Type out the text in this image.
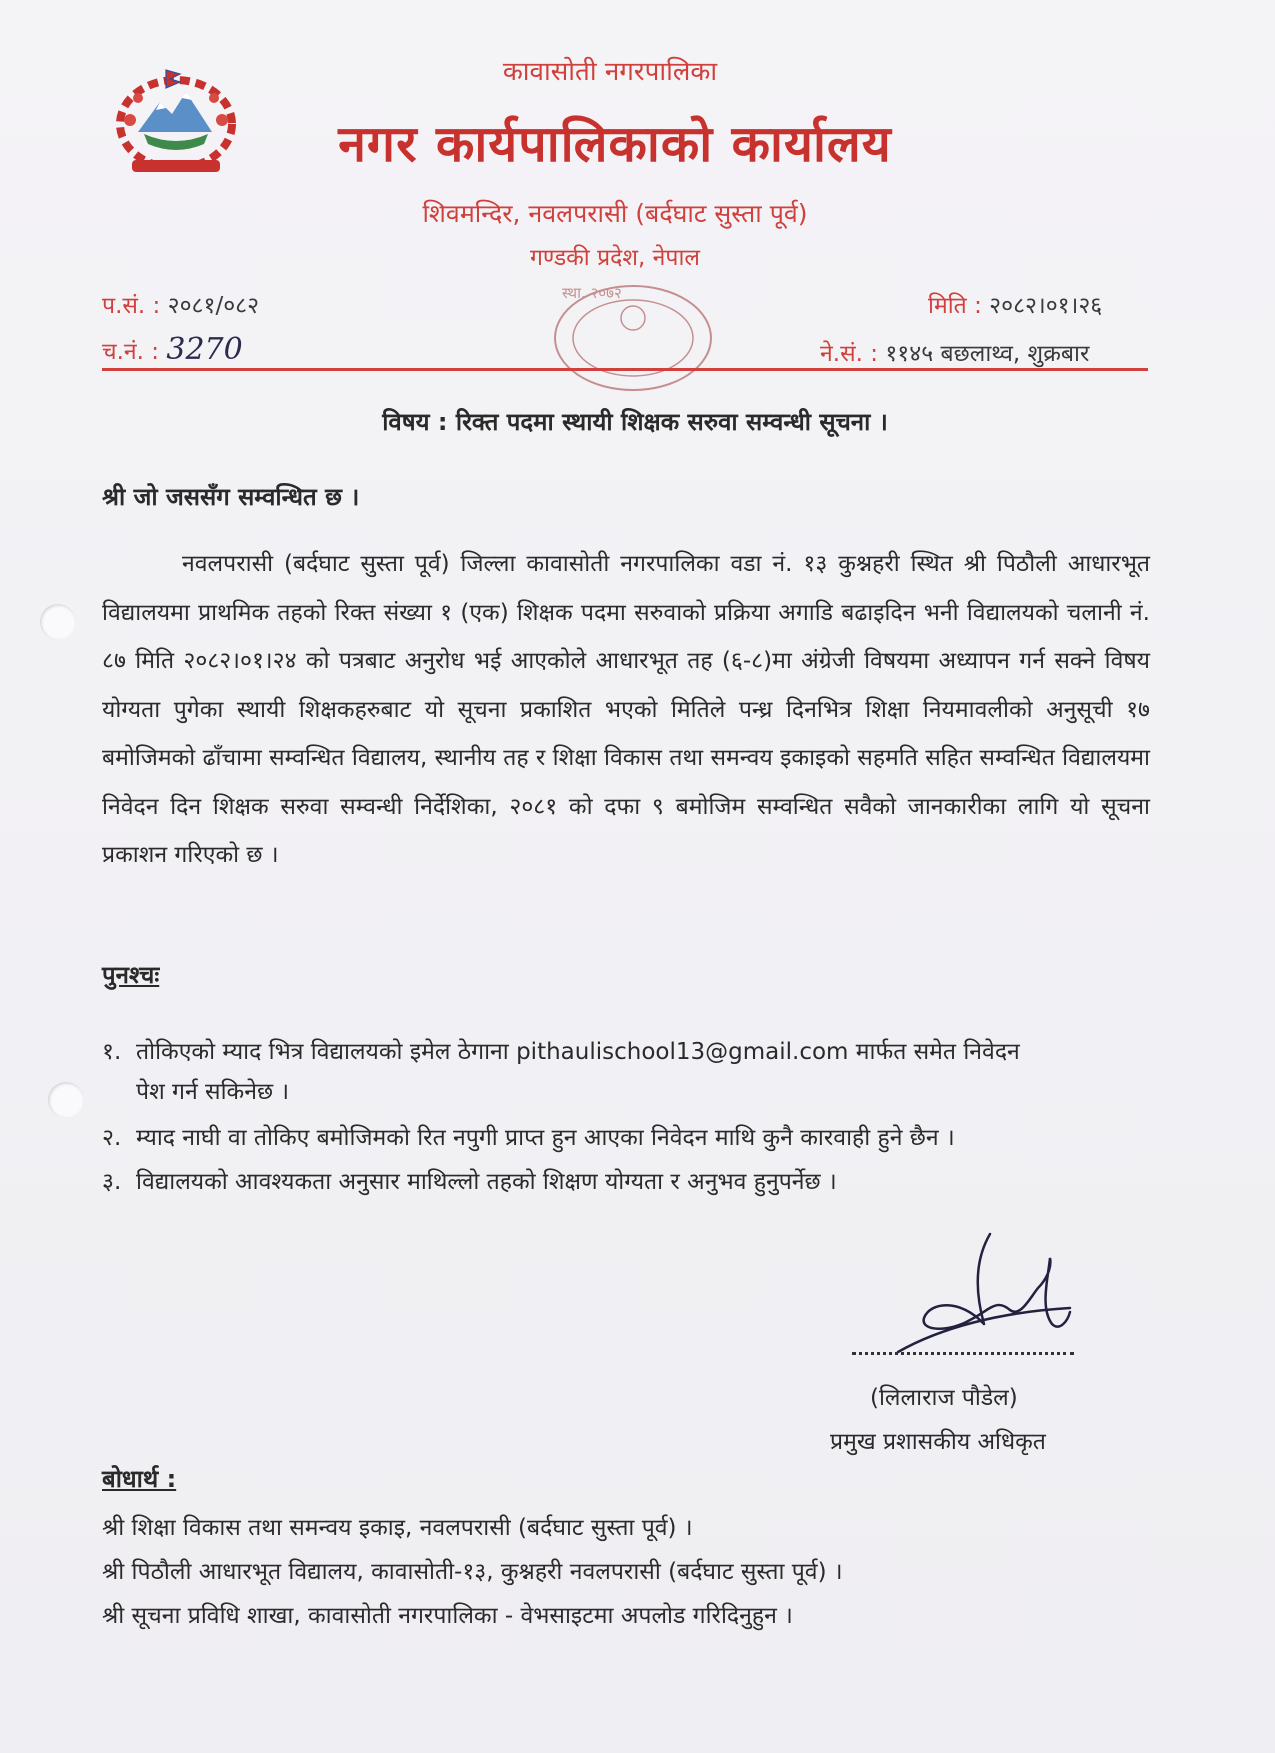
कावासोती नगरपालिका
नगर कार्यपालिकाको कार्यालय
शिवमन्दिर, नवलपरासी (बर्दघाट सुस्ता पूर्व)
गण्डकी प्रदेश, नेपाल
प.सं. : २०८१/०८२
च.नं. : 3270
मिति : २०८२।०१।२६
ने.सं. : ११४५ बछलाथ्व, शुक्रबार
स्था. २०७२
विषय : रिक्त पदमा स्थायी शिक्षक सरुवा सम्वन्धी सूचना ।
श्री जो जससँग सम्वन्धित छ ।
नवलपरासी (बर्दघाट सुस्ता पूर्व) जिल्ला कावासोती नगरपालिका वडा नं. १३ कुश्नहरी स्थित श्री पिठौली आधारभूत विद्यालयमा प्राथमिक तहको रिक्त संख्या १ (एक) शिक्षक पदमा सरुवाको प्रक्रिया अगाडि बढाइदिन भनी विद्यालयको चलानी नं. ८७ मिति २०८२।०१।२४ को पत्रबाट अनुरोध भई आएकोले आधारभूत तह (६-८)मा अंग्रेजी विषयमा अध्यापन गर्न सक्ने विषय योग्यता पुगेका स्थायी शिक्षकहरुबाट यो सूचना प्रकाशित भएको मितिले पन्ध्र दिनभित्र शिक्षा नियमावलीको अनुसूची १७ बमोजिमको ढाँचामा सम्वन्धित विद्यालय, स्थानीय तह र शिक्षा विकास तथा समन्वय इकाइको सहमति सहित सम्वन्धित विद्यालयमा निवेदन दिन शिक्षक सरुवा सम्वन्धी निर्देशिका, २०८१ को दफा ९ बमोजिम सम्वन्धित सवैको जानकारीका लागि यो सूचना प्रकाशन गरिएको छ ।
पुनश्चः
१. तोकिएको म्याद भित्र विद्यालयको इमेल ठेगाना pithaulischool13@gmail.com मार्फत समेत निवेदन
पेश गर्न सकिनेछ ।
२. म्याद नाघी वा तोकिए बमोजिमको रित नपुगी प्राप्त हुन आएका निवेदन माथि कुनै कारवाही हुने छैन ।
३. विद्यालयको आवश्यकता अनुसार माथिल्लो तहको शिक्षण योग्यता र अनुभव हुनुपर्नेछ ।
(लिलाराज पौडेल)
प्रमुख प्रशासकीय अधिकृत
बोधार्थ :
श्री शिक्षा विकास तथा समन्वय इकाइ, नवलपरासी (बर्दघाट सुस्ता पूर्व) ।
श्री पिठौली आधारभूत विद्यालय, कावासोती-१३, कुश्नहरी नवलपरासी (बर्दघाट सुस्ता पूर्व) ।
श्री सूचना प्रविधि शाखा, कावासोती नगरपालिका - वेभसाइटमा अपलोड गरिदिनुहुन ।
